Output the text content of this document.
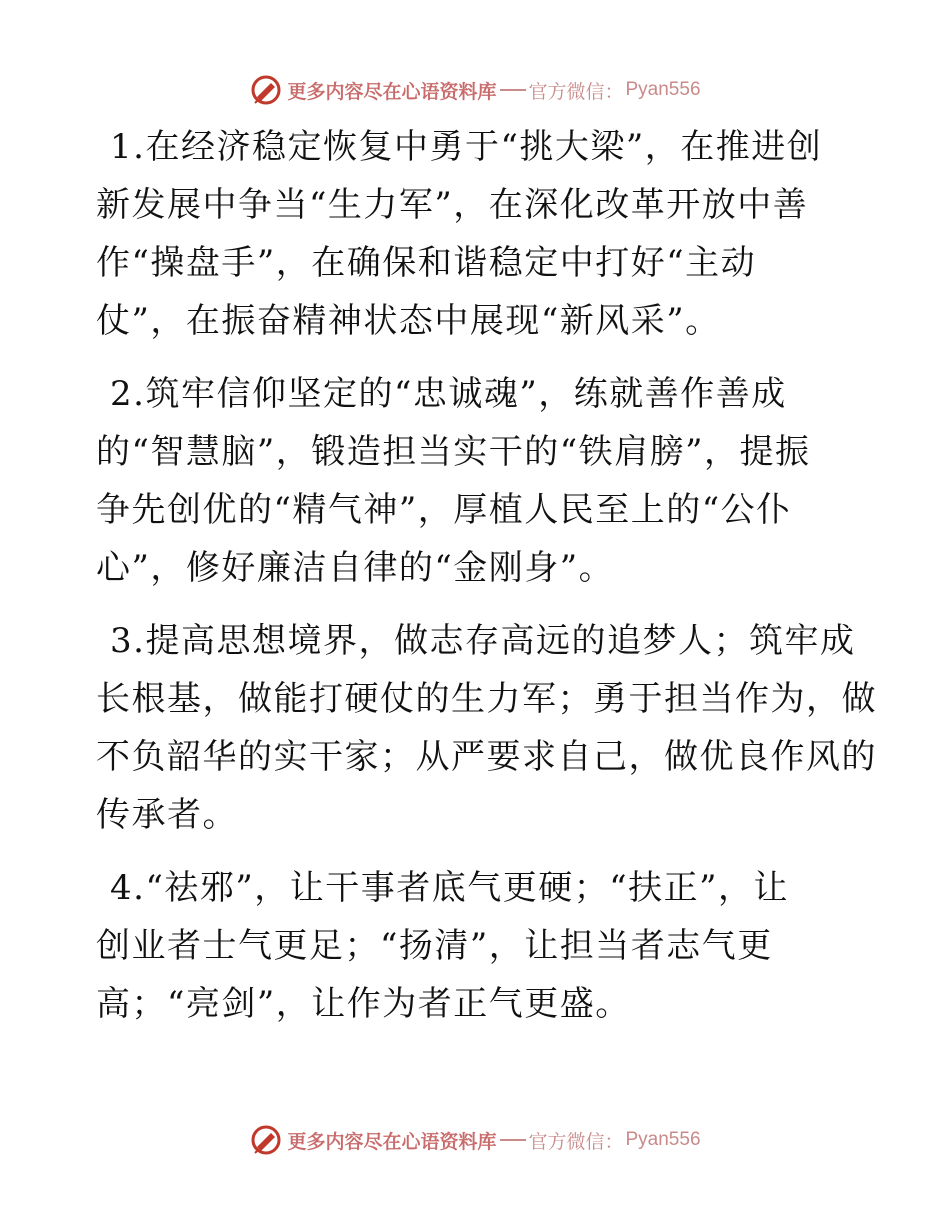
更多内容尽在心语资料库 官方微信： Pyan556
1.在经济稳定恢复中勇于“挑大梁”，在推进创
新发展中争当“生力军”，在深化改革开放中善
作“操盘手”，在确保和谐稳定中打好“主动
仗”，在振奋精神状态中展现“新风采”。
2.筑牢信仰坚定的“忠诚魂”，练就善作善成
的“智慧脑”，锻造担当实干的“铁肩膀”，提振
争先创优的“精气神”，厚植人民至上的“公仆
心”，修好廉洁自律的“金刚身”。
3.提高思想境界，做志存高远的追梦人；筑牢成
长根基，做能打硬仗的生力军；勇于担当作为，做
不负韶华的实干家；从严要求自己，做优良作风的
传承者。
4.“祛邪”，让干事者底气更硬；“扶正”，让
创业者士气更足；“扬清”，让担当者志气更
高；“亮剑”，让作为者正气更盛。
更多内容尽在心语资料库 官方微信： Pyan556
